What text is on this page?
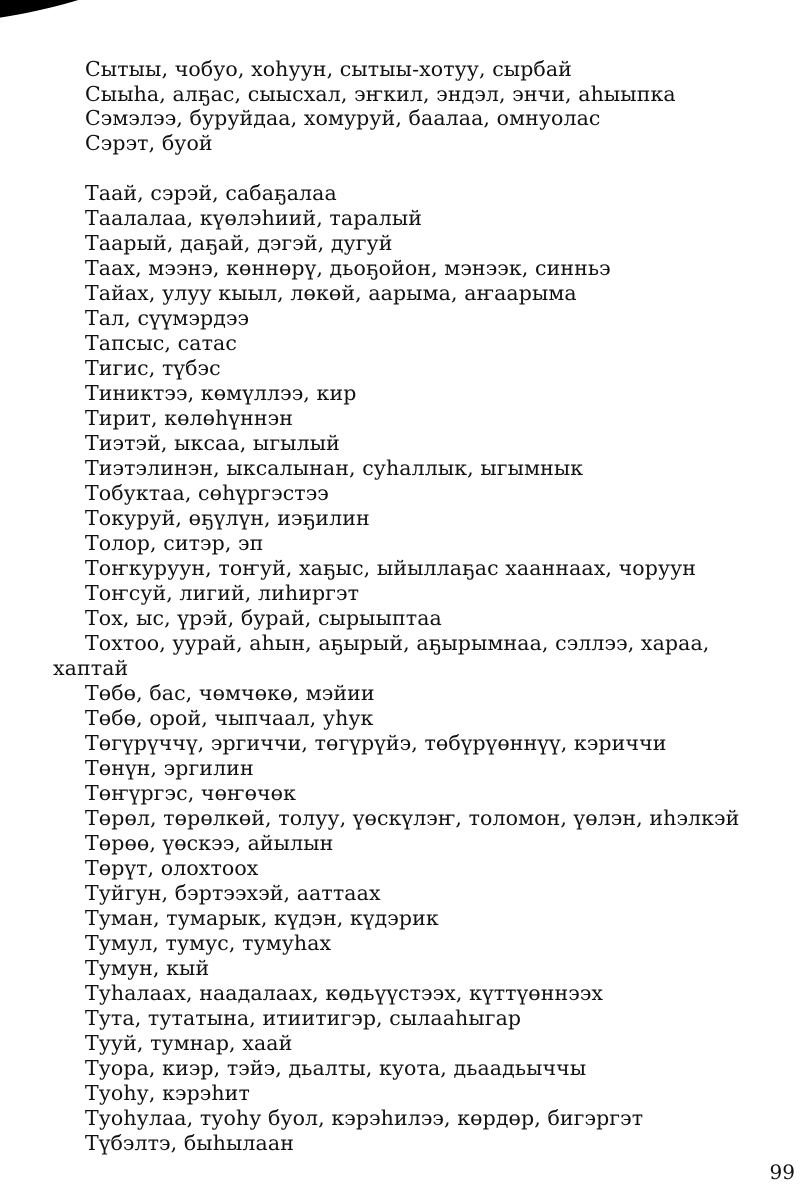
Сытыы, чобуо, хоһуун, сытыы-хотуу, сырбай
Сыыһа, алҕас, сыысхал, эҥкил, эндэл, энчи, аһыыпка
Сэмэлээ, буруйдаа, хомуруй, баалаа, омнуолас
Сэрэт, буой
Таай, сэрэй, сабаҕалаа
Таалалаа, күөлэһиий, таралый
Таарый, даҕай, дэгэй, дугуй
Таах, мээнэ, көннөрү, дьоҕойон, мэнээк, синньэ
Тайах, улуу кыыл, лөкөй, аарыма, аҥаарыма
Тал, сүүмэрдээ
Тапсыс, сатас
Тигис, түбэс
Тиниктээ, көмүллээ, кир
Тирит, көлөһүннэн
Тиэтэй, ыксаа, ыгылый
Тиэтэлинэн, ыксалынан, суһаллык, ыгымнык
Тобуктаа, сөһүргэстээ
Токуруй, өҕүлүн, иэҕилин
Толор, ситэр, эп
Тоҥкуруун, тоҥуй, хаҕыс, ыйыллаҕас хааннаах, чоруун
Тоҥсуй, лигий, лиһиргэт
Тох, ыс, үрэй, бурай, сырыыптаа
Тохтоо, уурай, аһын, аҕырый, аҕырымнаа, сэллээ, хараа,
хаптай
Төбө, бас, чөмчөкө, мэйии
Төбө, орой, чыпчаал, уһук
Төгүрүччү, эргиччи, төгүрүйэ, төбүрүөннүү, кэриччи
Төнүн, эргилин
Төҥүргэс, чөҥөчөк
Төрөл, төрөлкөй, толуу, үөскүлэҥ, толомон, үөлэн, иһэлкэй
Төрөө, үөскээ, айылын
Төрүт, олохтоох
Туйгун, бэртээхэй, ааттаах
Туман, тумарык, күдэн, күдэрик
Тумул, тумус, тумуһах
Тумун, кый
Туһалаах, наадалаах, көдьүүстээх, күттүөннээх
Тута, тутатына, итиитигэр, сылааһыгар
Тууй, тумнар, хаай
Туора, киэр, тэйэ, дьалты, куота, дьаадьыччы
Туоһу, кэрэһит
Туоһулаа, туоһу буол, кэрэһилээ, көрдөр, бигэргэт
Түбэлтэ, быһылаан
99
